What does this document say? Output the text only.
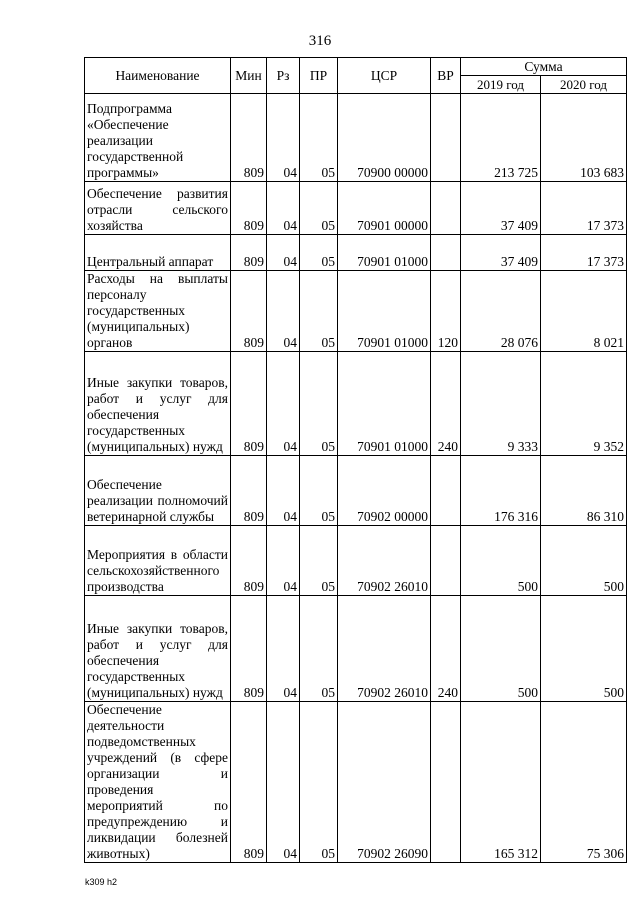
316
Наименование	Мин	Рз	ПР	ЦСР	ВР	Сумма	
						2019 год	2020 год
Подпрограмма «Обеспечение реализации государственной программы»	809	04	05	70900 00000		213 725	103 683
Обеспечение развития отрасли сельского хозяйства	809	04	05	70901 00000		37 409	17 373
Центральный аппарат	809	04	05	70901 01000		37 409	17 373
Расходы на выплаты персоналу государственных (муниципальных) органов	809	04	05	70901 01000	120	28 076	8 021
Иные закупки товаров, работ и услуг для обеспечения государственных (муниципальных) нужд	809	04	05	70901 01000	240	9 333	9 352
Обеспечение реализации полномочий ветеринарной службы	809	04	05	70902 00000		176 316	86 310
Мероприятия в области сельскохозяйственного производства	809	04	05	70902 26010		500	500
Иные закупки товаров, работ и услуг для обеспечения государственных (муниципальных) нужд	809	04	05	70902 26010	240	500	500
Обеспечение деятельности подведомственных учреждений (в сфере организации и проведения мероприятий по предупреждению и ликвидации болезней животных)	809	04	05	70902 26090		165 312	75 306
k309 h2
